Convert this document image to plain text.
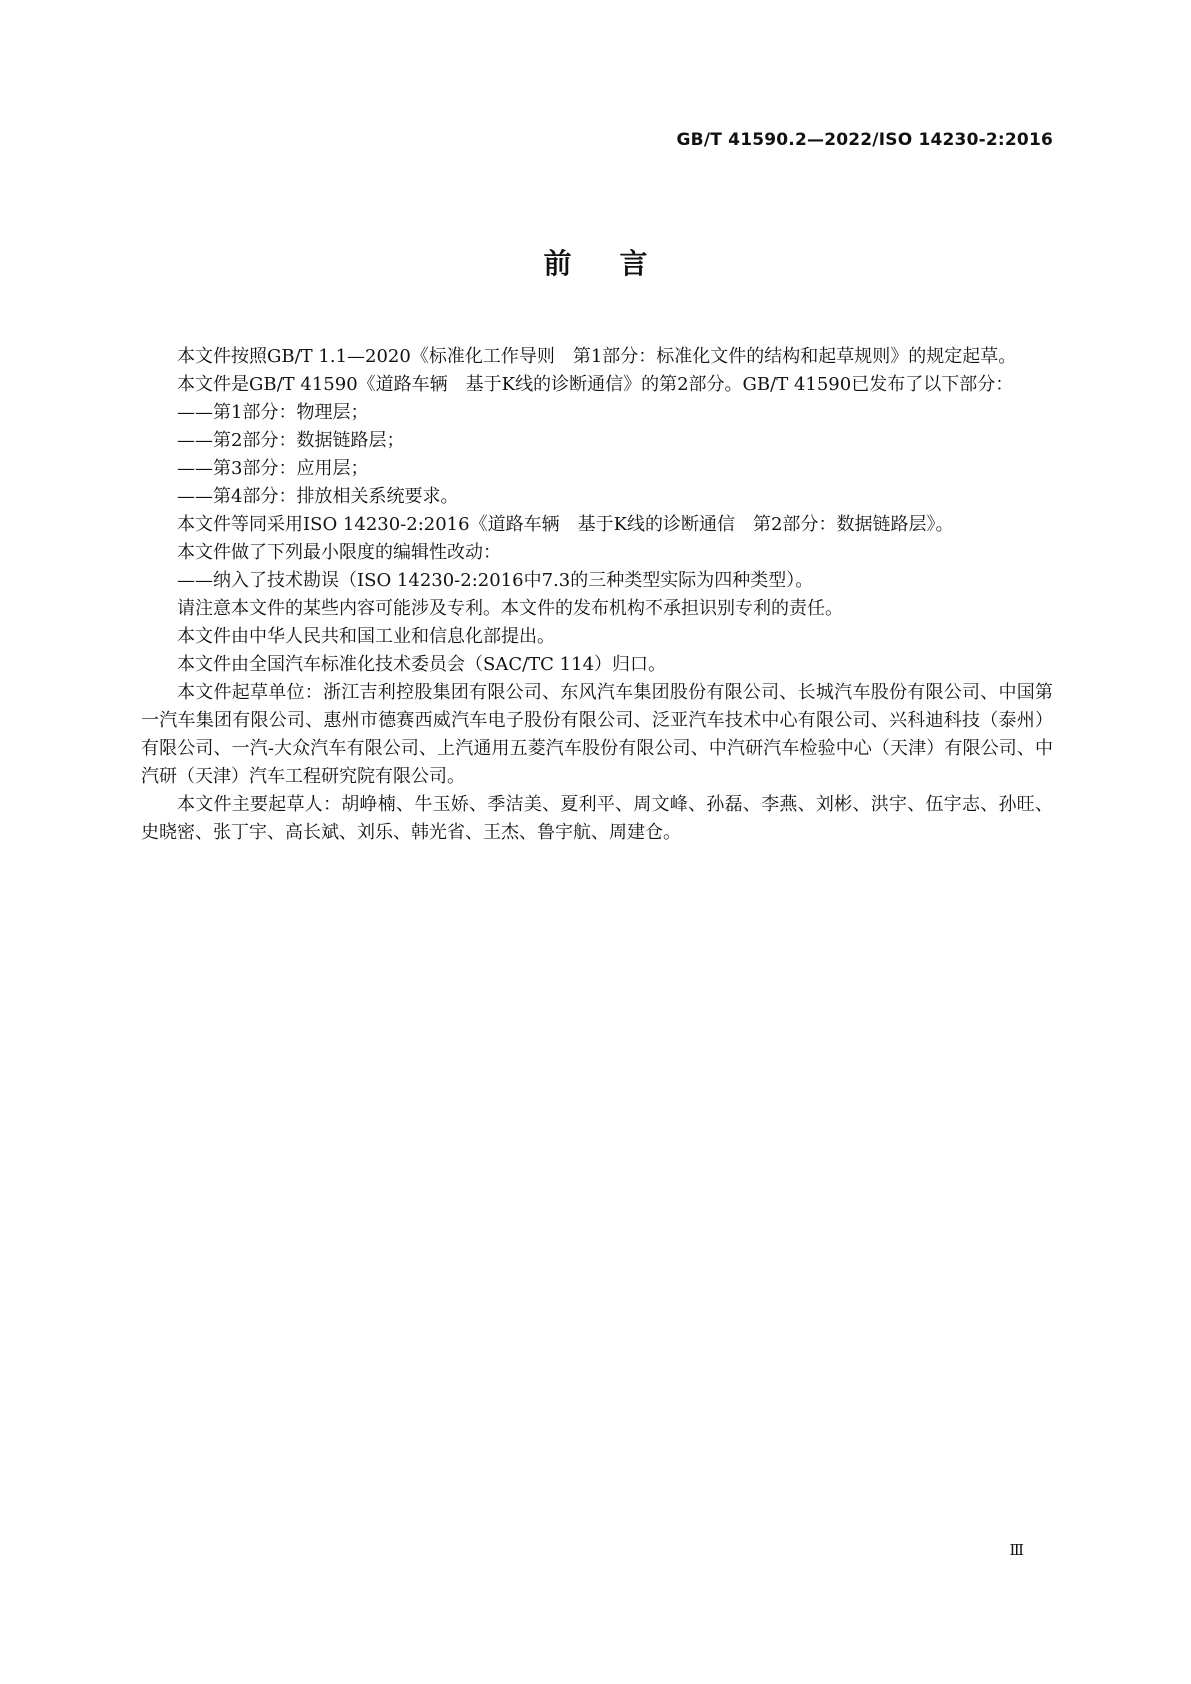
GB/T 41590.2—2022/ISO 14230-2:2016
前言

本文件按照GB/T 1.1—2020《标准化工作导则　第1部分：标准化文件的结构和起草规则》的规定起草。

本文件是GB/T 41590《道路车辆　基于K线的诊断通信》的第2部分。GB/T 41590已发布了以下部分：

——第1部分：物理层；

——第2部分：数据链路层；

——第3部分：应用层；

——第4部分：排放相关系统要求。

本文件等同采用ISO 14230-2:2016《道路车辆　基于K线的诊断通信　第2部分：数据链路层》。

本文件做了下列最小限度的编辑性改动：

——纳入了技术勘误（ISO 14230-2:2016中7.3的三种类型实际为四种类型）。

请注意本文件的某些内容可能涉及专利。本文件的发布机构不承担识别专利的责任。

本文件由中华人民共和国工业和信息化部提出。

本文件由全国汽车标准化技术委员会（SAC/TC 114）归口。

本文件起草单位：浙江吉利控股集团有限公司、东风汽车集团股份有限公司、长城汽车股份有限公司、中国第一汽车集团有限公司、惠州市德赛西威汽车电子股份有限公司、泛亚汽车技术中心有限公司、兴科迪科技（泰州）有限公司、一汽-大众汽车有限公司、上汽通用五菱汽车股份有限公司、中汽研汽车检验中心（天津）有限公司、中汽研（天津）汽车工程研究院有限公司。

本文件主要起草人：胡峥楠、牛玉娇、季洁美、夏利平、周文峰、孙磊、李燕、刘彬、洪宇、伍宇志、孙旺、史晓密、张丁宇、高长斌、刘乐、韩光省、王杰、鲁宇航、周建仓。

Ⅲ
